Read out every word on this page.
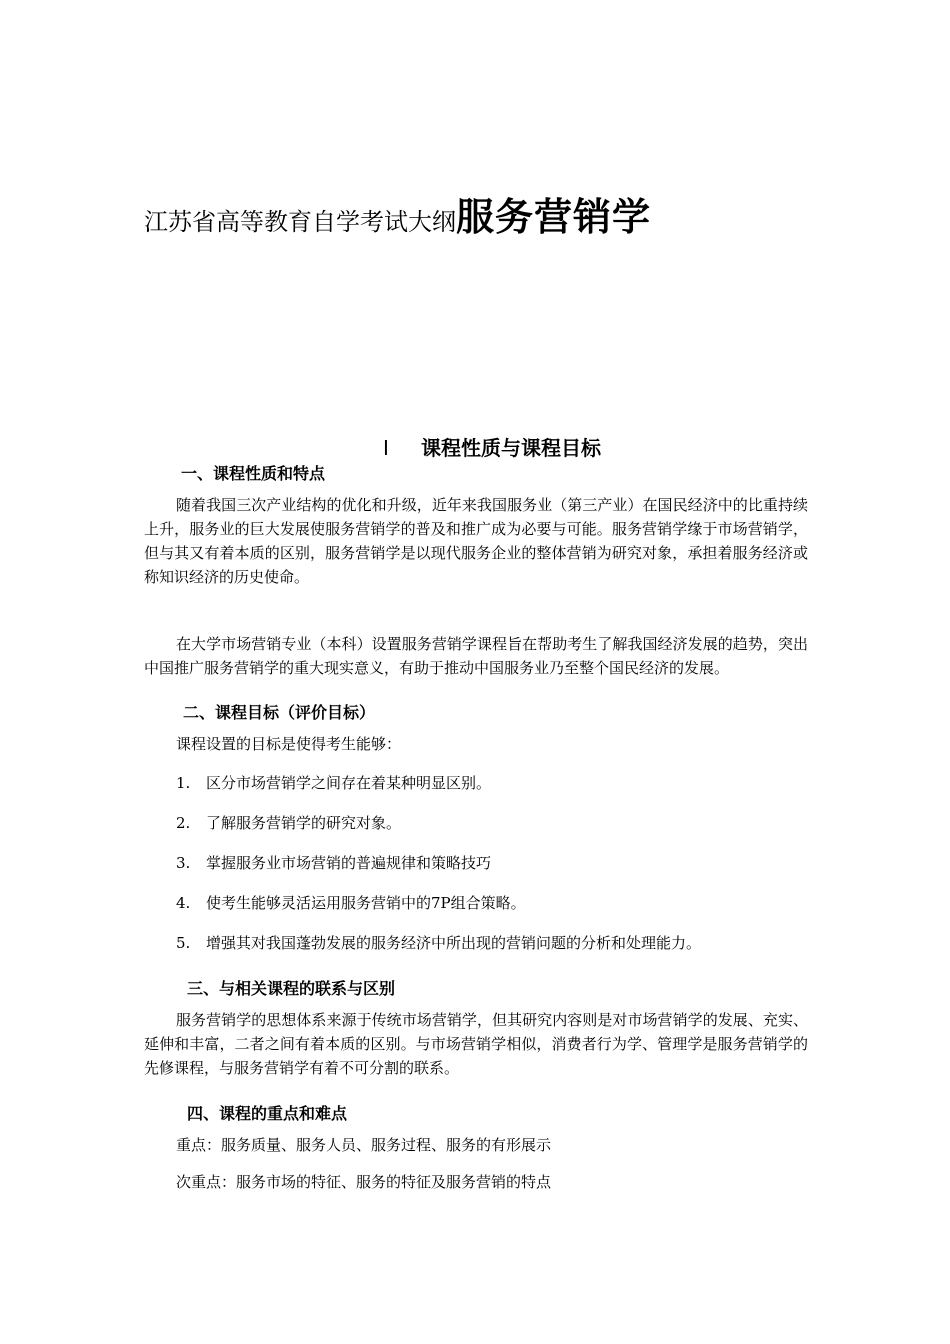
江苏省高等教育自学考试大纲服务营销学
I 课程性质与课程目标
一、课程性质和特点

随着我国三次产业结构的优化和升级，近年来我国服务业（第三产业）在国民经济中的比重持续上升，服务业的巨大发展使服务营销学的普及和推广成为必要与可能。服务营销学缘于市场营销学，但与其又有着本质的区别，服务营销学是以现代服务企业的整体营销为研究对象，承担着服务经济或称知识经济的历史使命。

在大学市场营销专业（本科）设置服务营销学课程旨在帮助考生了解我国经济发展的趋势，突出中国推广服务营销学的重大现实意义，有助于推动中国服务业乃至整个国民经济的发展。

二、课程目标（评价目标）
课程设置的目标是使得考生能够：
1. 区分市场营销学之间存在着某种明显区别。
2. 了解服务营销学的研究对象。
3. 掌握服务业市场营销的普遍规律和策略技巧
4. 使考生能够灵活运用服务营销中的7P组合策略。
5. 增强其对我国蓬勃发展的服务经济中所出现的营销问题的分析和处理能力。
三、与相关课程的联系与区别

服务营销学的思想体系来源于传统市场营销学，但其研究内容则是对市场营销学的发展、充实、延伸和丰富，二者之间有着本质的区别。与市场营销学相似，消费者行为学、管理学是服务营销学的先修课程，与服务营销学有着不可分割的联系。

四、课程的重点和难点
重点：服务质量、服务人员、服务过程、服务的有形展示
次重点：服务市场的特征、服务的特征及服务营销的特点
